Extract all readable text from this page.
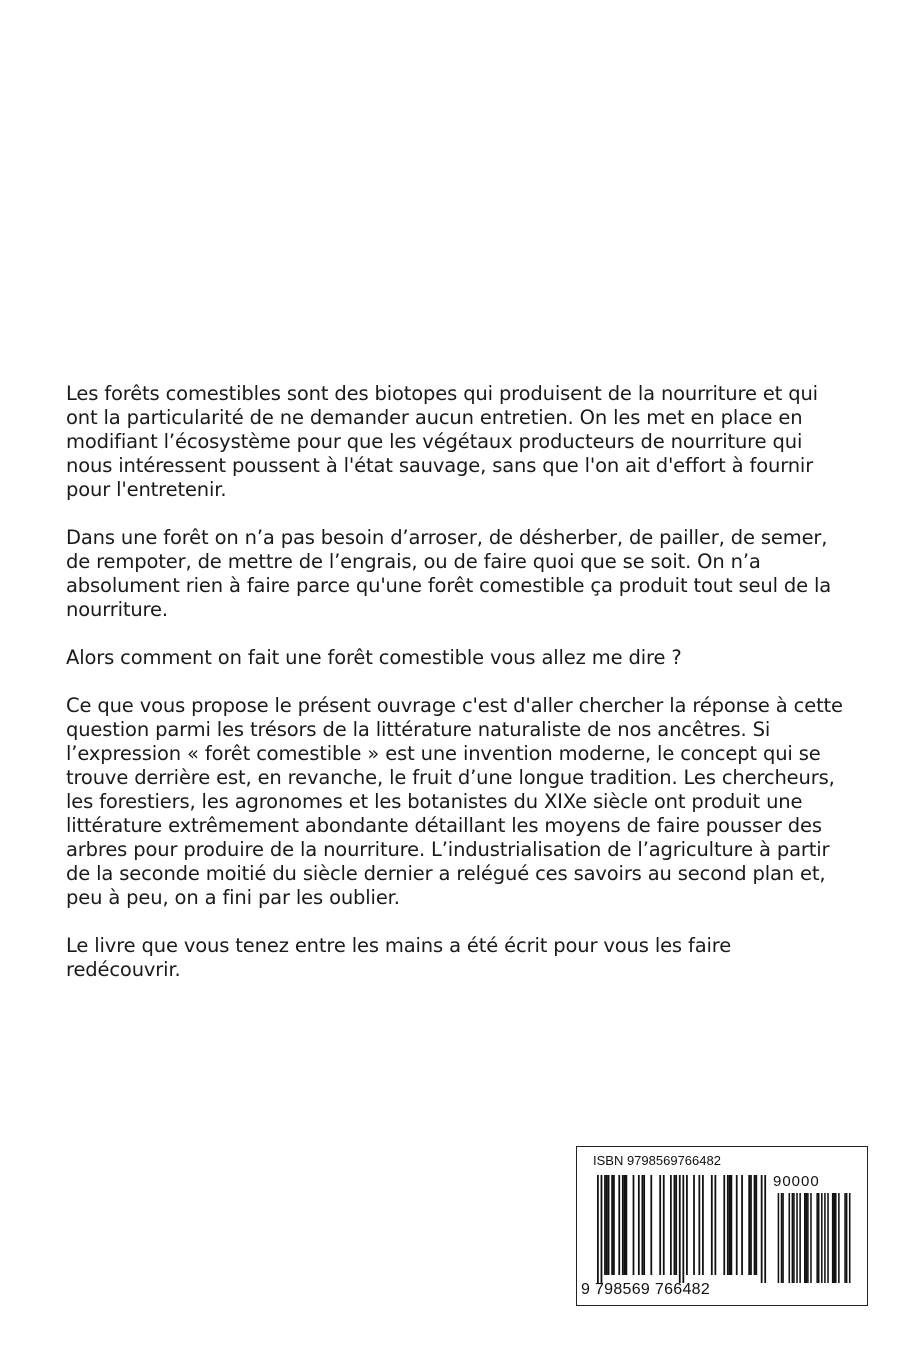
Les forêts comestibles sont des biotopes qui produisent de la nourriture et qui ont la particularité de ne demander aucun entretien. On les met en place en modifiant l’écosystème pour que les végétaux producteurs de nourriture qui nous intéressent poussent à l'état sauvage, sans que l'on ait d'effort à fournir pour l'entretenir.

Dans une forêt on n’a pas besoin d’arroser, de désherber, de pailler, de semer, de rempoter, de mettre de l’engrais, ou de faire quoi que se soit. On n’a absolument rien à faire parce qu'une forêt comestible ça produit tout seul de la nourriture.

Alors comment on fait une forêt comestible vous allez me dire ?

Ce que vous propose le présent ouvrage c'est d'aller chercher la réponse à cette question parmi les trésors de la littérature naturaliste de nos ancêtres. Si l’expression « forêt comestible » est une invention moderne, le concept qui se trouve derrière est, en revanche, le fruit d’une longue tradition. Les chercheurs, les forestiers, les agronomes et les botanistes du XIXe siècle ont produit une littérature extrêmement abondante détaillant les moyens de faire pousser des arbres pour produire de la nourriture. L’industrialisation de l’agriculture à partir de la seconde moitié du siècle dernier a relégué ces savoirs au second plan et, peu à peu, on a fini par les oublier.

Le livre que vous tenez entre les mains a été écrit pour vous les faire redécouvrir.

ISBN 9798569766482
90000
9 798569 766482
